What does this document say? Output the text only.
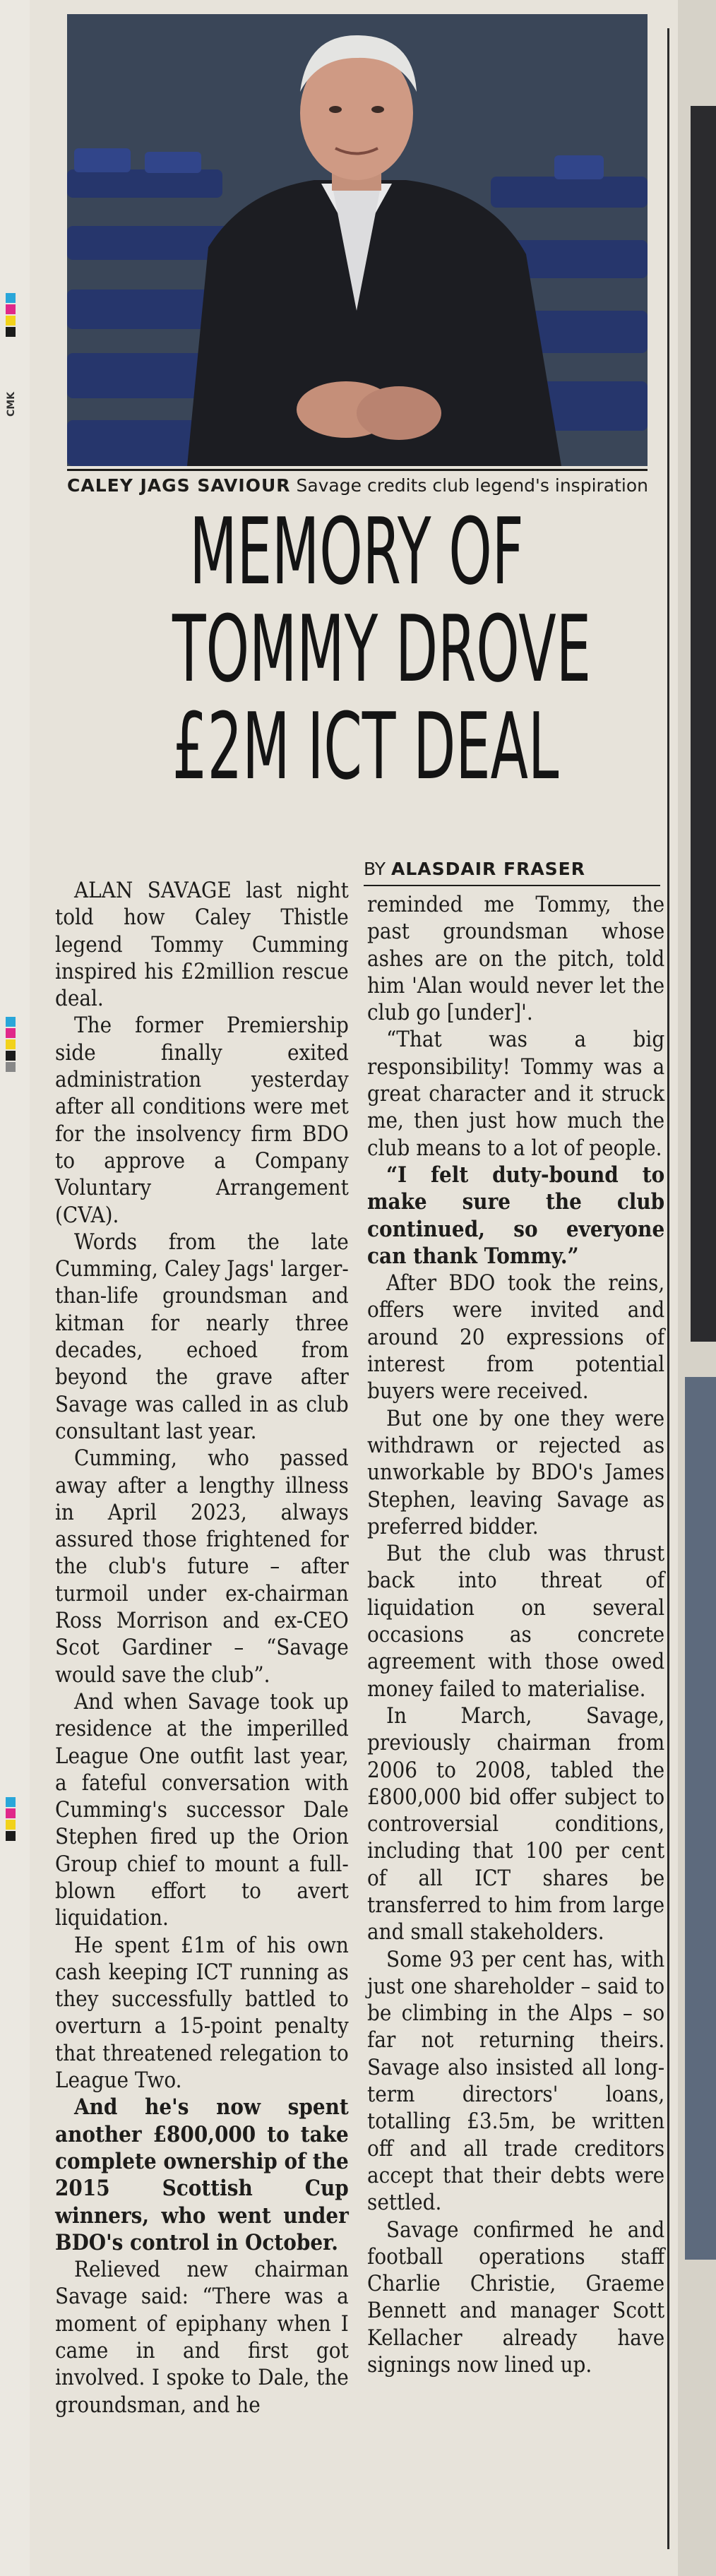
CMK
CALEY JAGS SAVIOUR Savage credits club legend's inspiration
MEMORY OF
TOMMY DROVE
£2M ICT DEAL
BY ALASDAIR FRASER

ALAN SAVAGE last night told how Caley Thistle legend Tommy Cumming inspired his £2million rescue deal.

The former Premiership side finally exited administration yesterday after all conditions were met for the insolvency firm BDO to approve a Company Voluntary Arrangement (CVA).

Words from the late Cumming, Caley Jags' larger-than-life groundsman and kitman for nearly three decades, echoed from beyond the grave after Savage was called in as club consultant last year.

Cumming, who passed away after a lengthy illness in April 2023, always assured those frightened for the club's future – after turmoil under ex-chairman Ross Morrison and ex-CEO Scot Gardiner – “Savage would save the club”.

And when Savage took up residence at the imperilled League One outfit last year, a fateful conversation with Cumming's successor Dale Stephen fired up the Orion Group chief to mount a full-blown effort to avert liquidation.

He spent £1m of his own cash keeping ICT running as they successfully battled to overturn a 15-point penalty that threatened relegation to League Two.

And he's now spent another £800,000 to take complete ownership of the 2015 Scottish Cup winners, who went under BDO's control in October.

Relieved new chairman Savage said: “There was a moment of epiphany when I came in and first got involved. I spoke to Dale, the groundsman, and he

reminded me Tommy, the past groundsman whose ashes are on the pitch, told him 'Alan would never let the club go [under]'.

“That was a big responsibility! Tommy was a great character and it struck me, then just how much the club means to a lot of people.

“I felt duty-bound to make sure the club continued, so everyone can thank Tommy.”

After BDO took the reins, offers were invited and around 20 expressions of interest from potential buyers were received.

But one by one they were withdrawn or rejected as unworkable by BDO's James Stephen, leaving Savage as preferred bidder.

But the club was thrust back into threat of liquidation on several occasions as concrete agreement with those owed money failed to materialise.

In March, Savage, previously chairman from 2006 to 2008, tabled the £800,000 bid offer subject to controversial conditions, including that 100 per cent of all ICT shares be transferred to him from large and small stakeholders.

Some 93 per cent has, with just one shareholder – said to be climbing in the Alps – so far not returning theirs. Savage also insisted all long-term directors' loans, totalling £3.5m, be written off and all trade creditors accept that their debts were settled.

Savage confirmed he and football operations staff Charlie Christie, Graeme Bennett and manager Scott Kellacher already have signings now lined up.
